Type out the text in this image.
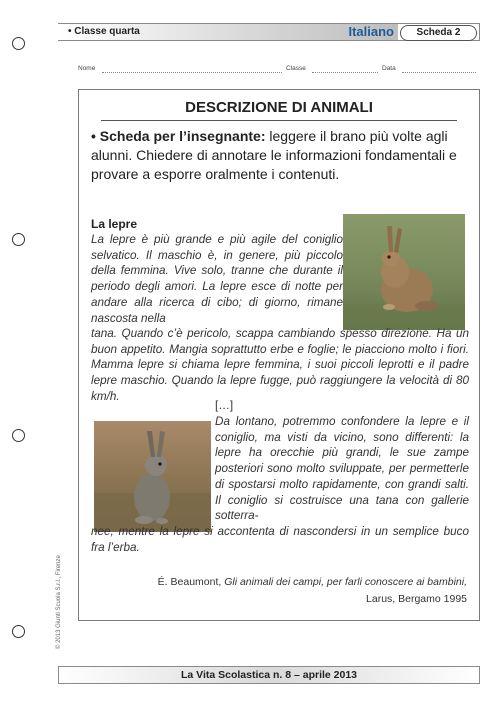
• Classe quarta	Italiano	Scheda 2
Nome	Classe	Data
DESCRIZIONE DI ANIMALI
• Scheda per l’insegnante: leggere il brano più volte agli alunni. Chiedere di annotare le informazioni fondamentali e provare a esporre oralmente i contenuti.
La lepre
La lepre è più grande e più agile del coniglio selvatico. Il maschio è, in genere, più piccolo della femmina. Vive solo, tranne che durante il periodo degli amori. La lepre esce di notte per andare alla ricerca di cibo; di giorno, rimane nascosta nella
tana. Quando c’è pericolo, scappa cambiando spesso direzione. Ha un buon appetito. Mangia soprattutto erbe e foglie; le piacciono molto i fiori. Mamma lepre si chiama lepre femmina, i suoi piccoli leprotti e il padre lepre maschio. Quando la lepre fugge, può raggiungere la velocità di 80 km/h.
[…]
Da lontano, potremmo confondere la lepre e il coniglio, ma visti da vicino, sono differenti: la lepre ha orecchie più grandi, le sue zampe posteriori sono molto sviluppate, per permetterle di spostarsi molto rapidamente, con grandi salti. Il coniglio si costruisce una tana con gallerie sotterra-
nee, mentre la lepre si accontenta di nascondersi in un semplice buco fra l’erba.
É. Beaumont, Gli animali dei campi, per farli conoscere ai bambini,
Larus, Bergamo 1995
© 2013 Giunti Scuola S.r.l., Firenze
La Vita Scolastica n. 8 – aprile 2013
